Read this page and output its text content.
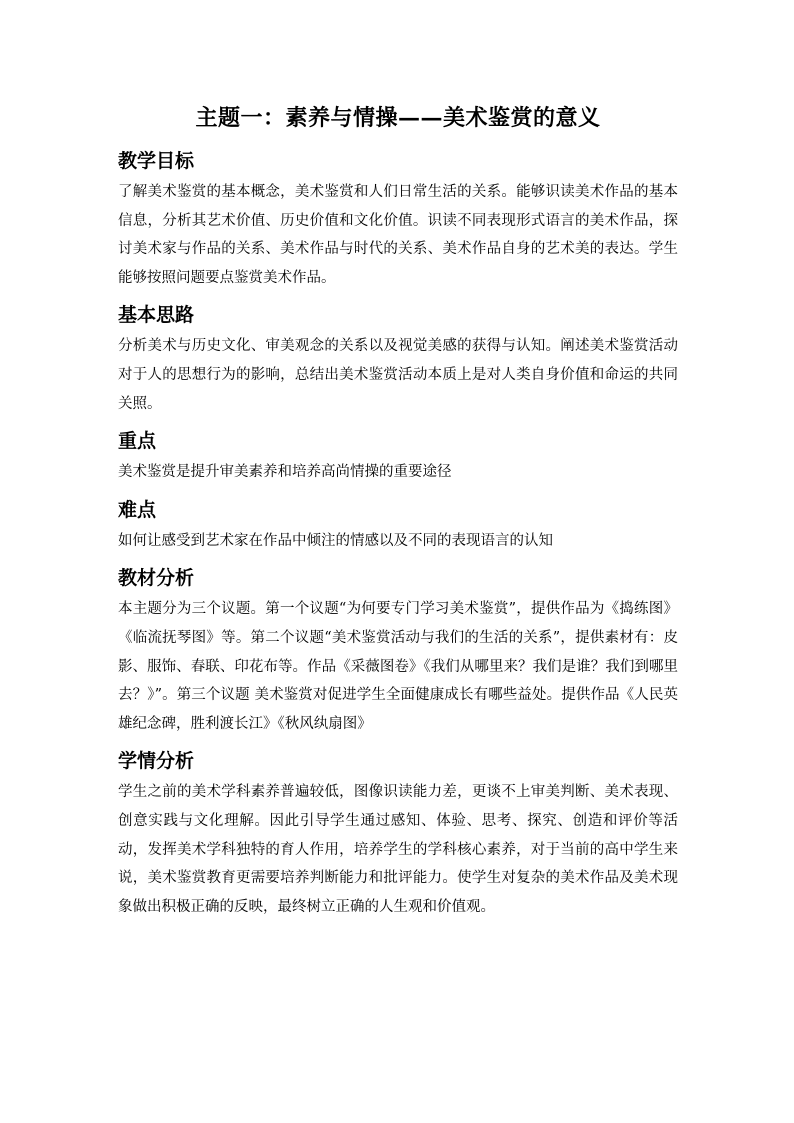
主题一：素养与情操——美术鉴赏的意义
教学目标

了解美术鉴赏的基本概念，美术鉴赏和人们日常生活的关系。能够识读美术作品的基本信息，分析其艺术价值、历史价值和文化价值。识读不同表现形式语言的美术作品，探讨美术家与作品的关系、美术作品与时代的关系、美术作品自身的艺术美的表达。学生能够按照问题要点鉴赏美术作品。

基本思路

分析美术与历史文化、审美观念的关系以及视觉美感的获得与认知。阐述美术鉴赏活动对于人的思想行为的影响，总结出美术鉴赏活动本质上是对人类自身价值和命运的共同关照。

重点

美术鉴赏是提升审美素养和培养高尚情操的重要途径

难点

如何让感受到艺术家在作品中倾注的情感以及不同的表现语言的认知

教材分析

本主题分为三个议题。第一个议题“为何要专门学习美术鉴赏”，提供作品为《捣练图》《临流抚琴图》等。第二个议题“美术鉴赏活动与我们的生活的关系”，提供素材有：皮影、服饰、春联、印花布等。作品《采薇图卷》《我们从哪里来？我们是谁？我们到哪里去？》”。第三个议题 美术鉴赏对促进学生全面健康成长有哪些益处。提供作品《人民英雄纪念碑，胜利渡长江》《秋风纨扇图》

学情分析

学生之前的美术学科素养普遍较低，图像识读能力差，更谈不上审美判断、美术表现、创意实践与文化理解。因此引导学生通过感知、体验、思考、探究、创造和评价等活动，发挥美术学科独特的育人作用，培养学生的学科核心素养，对于当前的高中学生来说，美术鉴赏教育更需要培养判断能力和批评能力。使学生对复杂的美术作品及美术现象做出积极正确的反映，最终树立正确的人生观和价值观。
